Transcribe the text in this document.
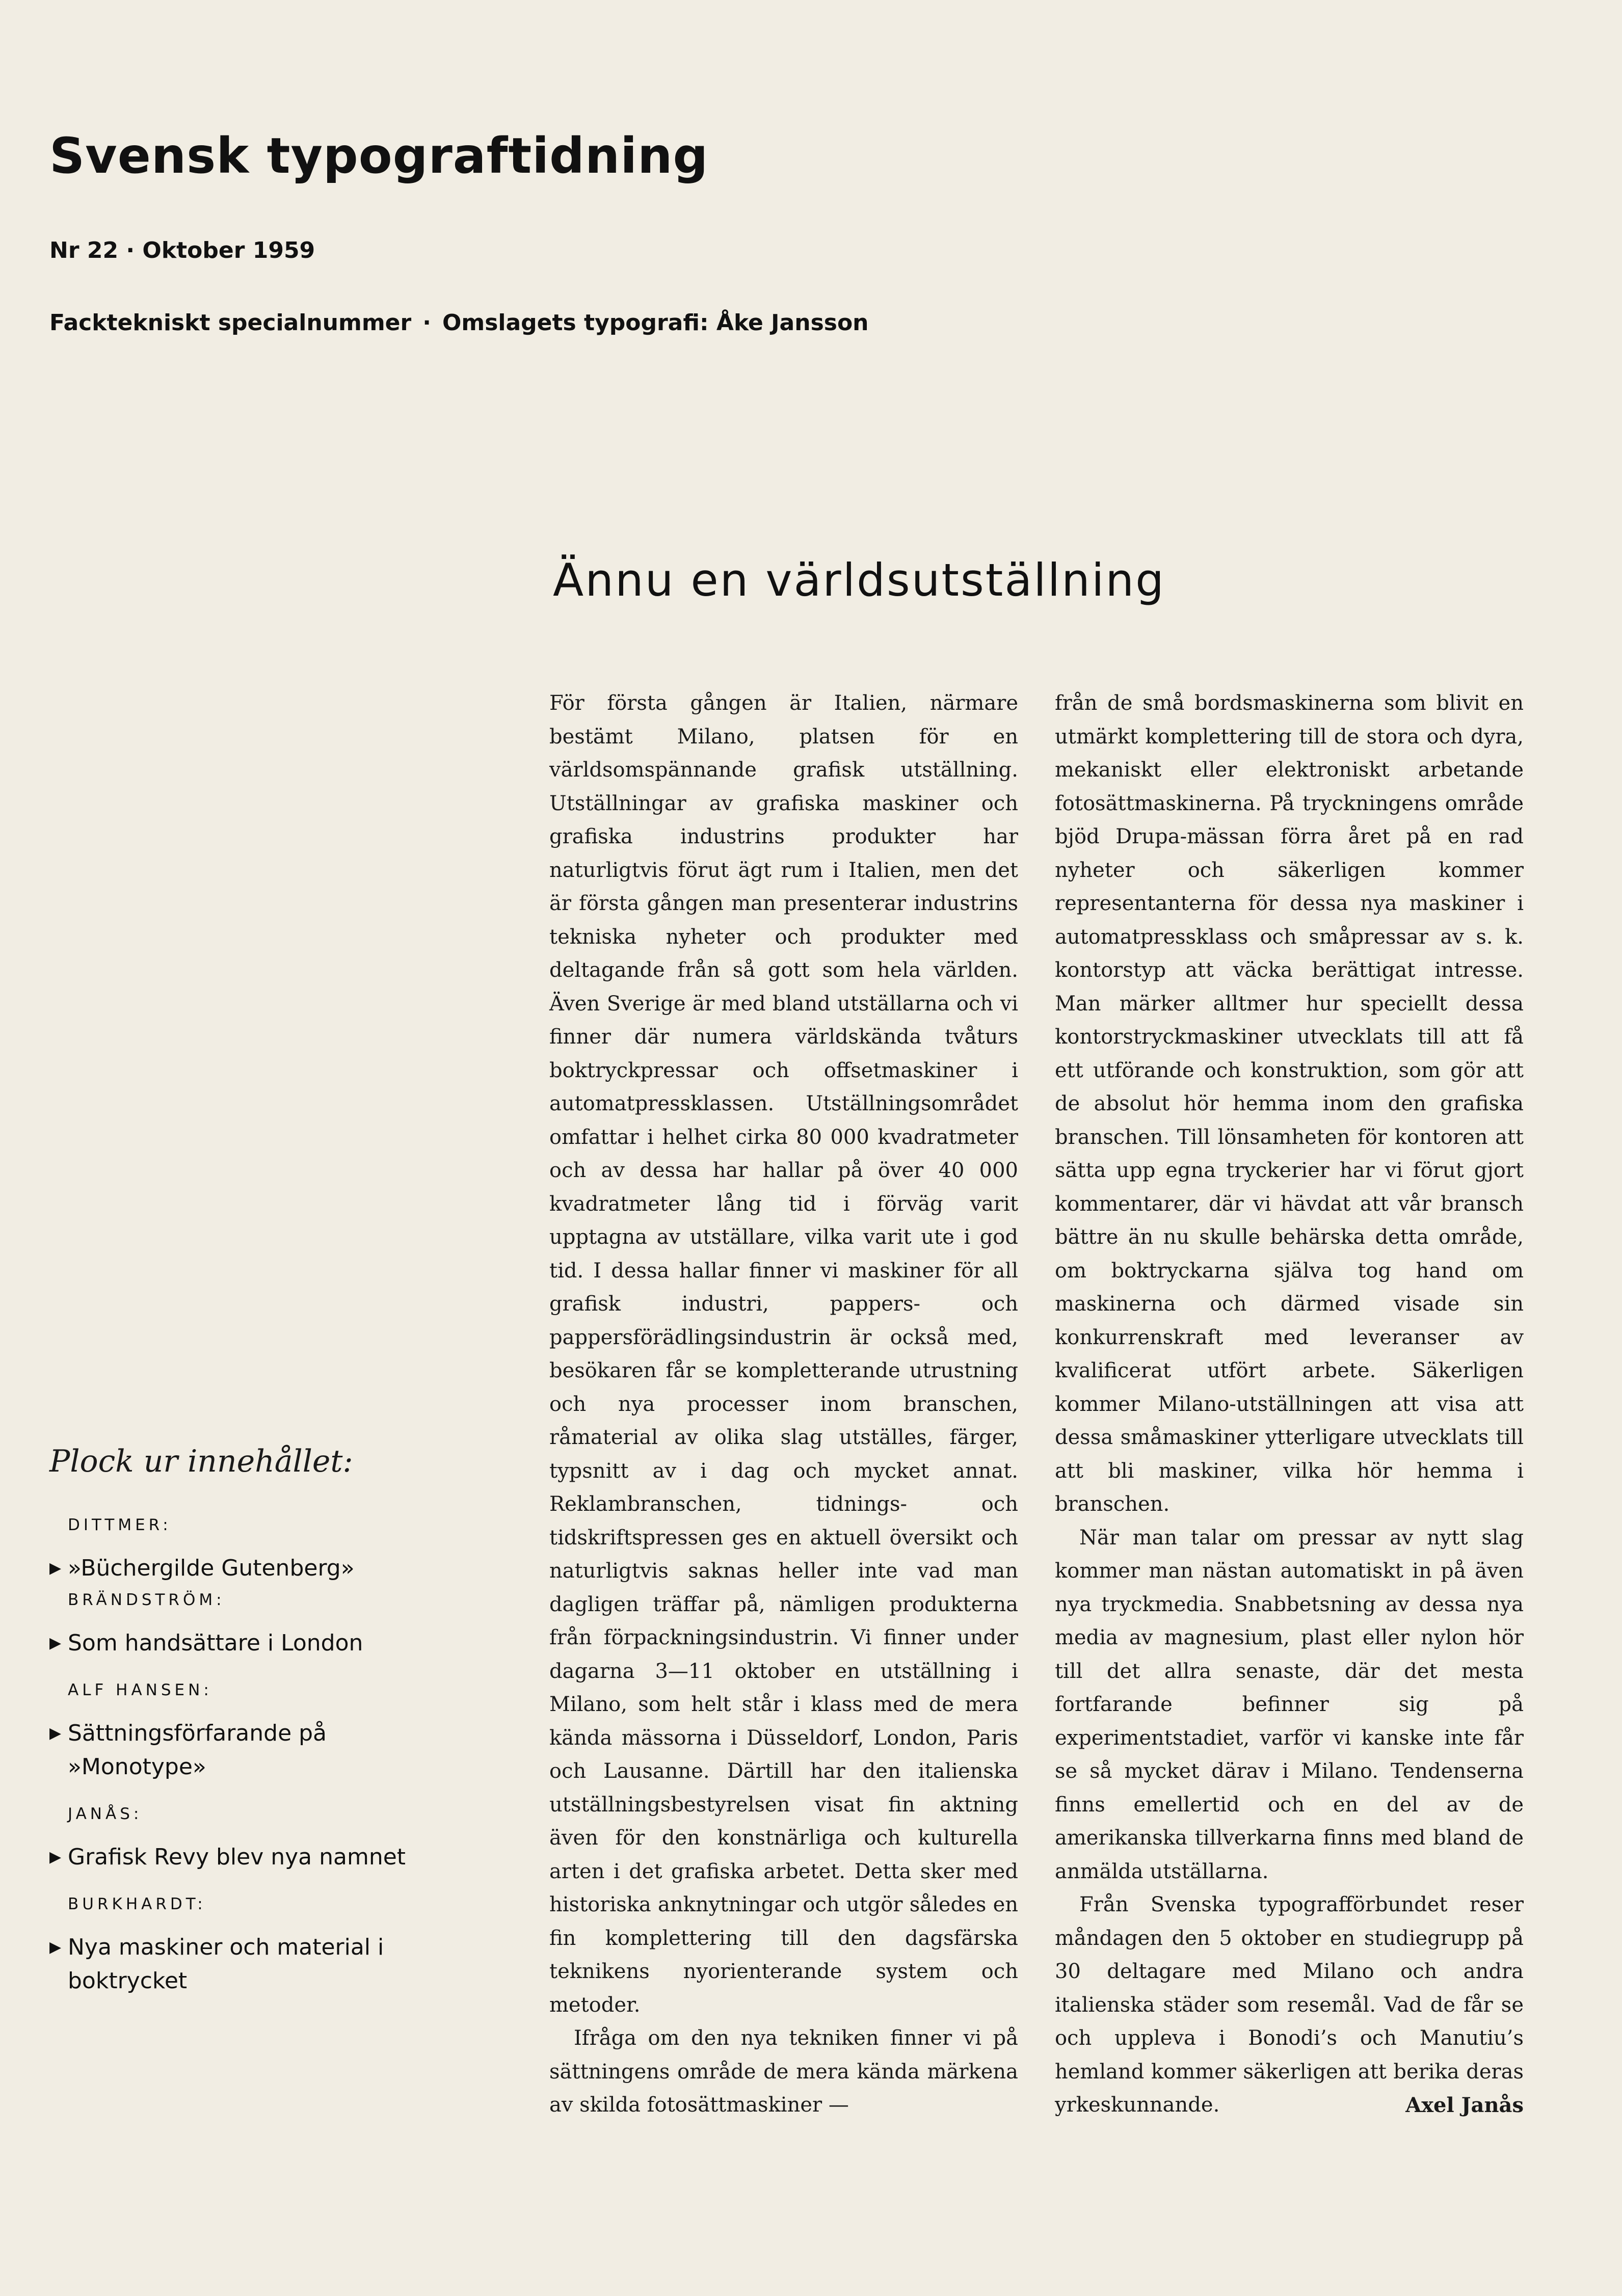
Svensk typograftidning
Nr 22 · Oktober 1959
Facktekniskt specialnummer · Omslagets typografi: Åke Jansson
Ännu en världsutställning

För första gången är Italien, närmare bestämt Milano, platsen för en världsomspännande grafisk utställning. Utställningar av grafiska maskiner och grafiska industrins produkter har naturligtvis förut ägt rum i Italien, men det är första gången man presenterar industrins tekniska nyheter och produkter med deltagande från så gott som hela världen. Även Sverige är med bland utställarna och vi finner där numera världskända tvåturs boktryckpressar och offsetmaskiner i automatpressklassen. Utställningsområdet omfattar i helhet cirka 80 000 kvadratmeter och av dessa har hallar på över 40 000 kvadratmeter lång tid i förväg varit upptagna av utställare, vilka varit ute i god tid. I dessa hallar finner vi maskiner för all grafisk industri, pappers- och pappersförädlingsindustrin är också med, besökaren får se kompletterande utrustning och nya processer inom branschen, råmaterial av olika slag utställes, färger, typsnitt av i dag och mycket annat. Reklambranschen, tidnings- och tidskriftspressen ges en aktuell översikt och naturligtvis saknas heller inte vad man dagligen träffar på, nämligen produkterna från förpackningsindustrin. Vi finner under dagarna 3—11 oktober en utställning i Milano, som helt står i klass med de mera kända mässorna i Düsseldorf, London, Paris och Lausanne. Därtill har den italienska utställningsbestyrelsen visat fin aktning även för den konstnärliga och kulturella arten i det grafiska arbetet. Detta sker med historiska anknytningar och utgör således en fin komplettering till den dagsfärska teknikens nyorienterande system och metoder.

Ifråga om den nya tekniken finner vi på sättningens område de mera kända märkena av skilda fotosättmaskiner —

från de små bordsmaskinerna som blivit en utmärkt komplettering till de stora och dyra, mekaniskt eller elektroniskt arbetande fotosättmaskinerna. På tryckningens område bjöd Drupa-mässan förra året på en rad nyheter och säkerligen kommer representanterna för dessa nya maskiner i automatpressklass och småpressar av s. k. kontorstyp att väcka berättigat intresse. Man märker alltmer hur speciellt dessa kontorstryckmaskiner utvecklats till att få ett utförande och konstruktion, som gör att de absolut hör hemma inom den grafiska branschen. Till lönsamheten för kontoren att sätta upp egna tryckerier har vi förut gjort kommentarer, där vi hävdat att vår bransch bättre än nu skulle behärska detta område, om boktryckarna själva tog hand om maskinerna och därmed visade sin konkurrenskraft med leveranser av kvalificerat utfört arbete. Säkerligen kommer Milano-utställningen att visa att dessa småmaskiner ytterligare utvecklats till att bli maskiner, vilka hör hemma i branschen.

När man talar om pressar av nytt slag kommer man nästan automatiskt in på även nya tryckmedia. Snabbetsning av dessa nya media av magnesium, plast eller nylon hör till det allra senaste, där det mesta fortfarande befinner sig på experimentstadiet, varför vi kanske inte får se så mycket därav i Milano. Tendenserna finns emellertid och en del av de amerikanska tillverkarna finns med bland de anmälda utställarna.

Från Svenska typograﬀörbundet reser måndagen den 5 oktober en studiegrupp på 30 deltagare med Milano och andra italienska städer som resemål. Vad de får se och uppleva i Bonodi’s och Manutiu’s hemland kommer säkerligen att berika deras yrkeskunnande.	Axel Janås

Plock ur innehållet:
DITTMER:
▶ »Büchergilde Gutenberg»
BRÄNDSTRÖM:
▶ Som handsättare i London
ALF HANSEN:
▶ Sättningsförfarande på »Monotype»
JANÅS:
▶ Grafisk Revy blev nya namnet
BURKHARDT:
▶ Nya maskiner och material i boktrycket
